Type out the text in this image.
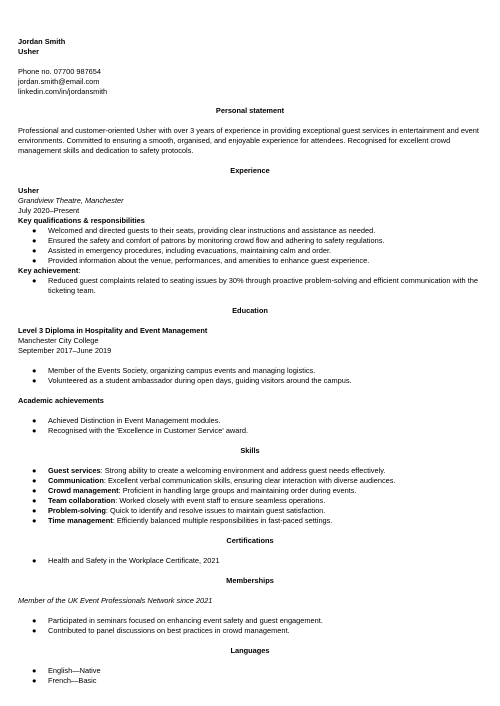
Jordan Smith
Usher
Phone no. 07700 987654
jordan.smith@email.com
linkedin.com/in/jordansmith
Personal statement

Professional and customer-oriented Usher with over 3 years of experience in providing exceptional guest services in entertainment and event environments. Committed to ensuring a smooth, organised, and enjoyable experience for attendees. Recognised for excellent crowd management skills and dedication to safety protocols.

Experience
Usher
Grandview Theatre, Manchester
July 2020–Present
Key qualifications & responsibilities
● Welcomed and directed guests to their seats, providing clear instructions and assistance as needed.
● Ensured the safety and comfort of patrons by monitoring crowd flow and adhering to safety regulations.
● Assisted in emergency procedures, including evacuations, maintaining calm and order.
● Provided information about the venue, performances, and amenities to enhance guest experience.
Key achievement:
● Reduced guest complaints related to seating issues by 30% through proactive problem-solving and efficient communication with the ticketing team.
Education
Level 3 Diploma in Hospitality and Event Management
Manchester City College
September 2017–June 2019
● Member of the Events Society, organizing campus events and managing logistics.
● Volunteered as a student ambassador during open days, guiding visitors around the campus.
Academic achievements
● Achieved Distinction in Event Management modules.
● Recognised with the 'Excellence in Customer Service' award.
Skills
● Guest services: Strong ability to create a welcoming environment and address guest needs effectively.
● Communication: Excellent verbal communication skills, ensuring clear interaction with diverse audiences.
● Crowd management: Proficient in handling large groups and maintaining order during events.
● Team collaboration: Worked closely with event staff to ensure seamless operations.
● Problem-solving: Quick to identify and resolve issues to maintain guest satisfaction.
● Time management: Efficiently balanced multiple responsibilities in fast-paced settings.
Certifications
● Health and Safety in the Workplace Certificate, 2021
Memberships
Member of the UK Event Professionals Network since 2021
● Participated in seminars focused on enhancing event safety and guest engagement.
● Contributed to panel discussions on best practices in crowd management.
Languages
● English—Native
● French—Basic
